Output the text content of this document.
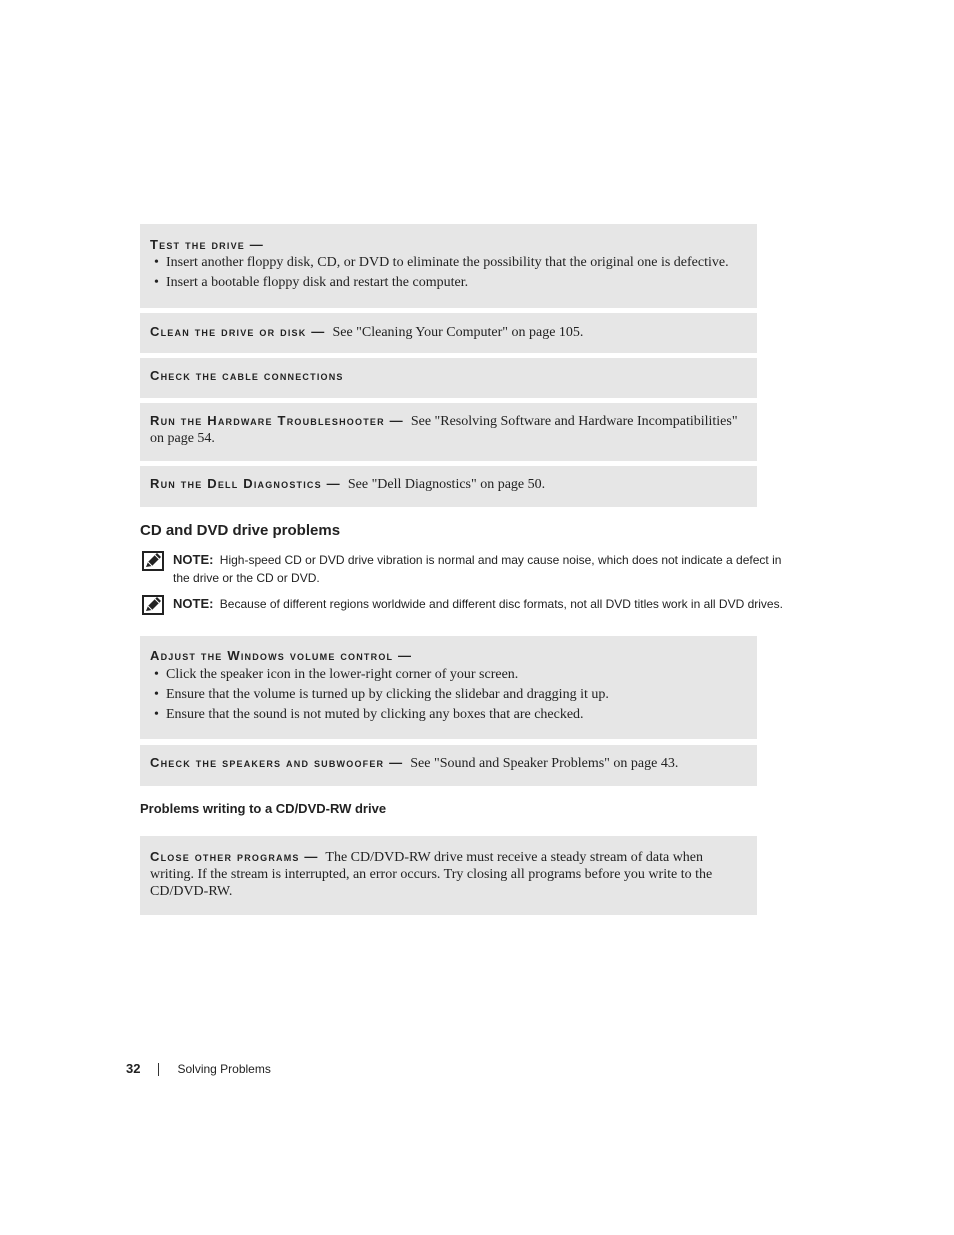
Test the drive —
• Insert another floppy disk, CD, or DVD to eliminate the possibility that the original one is defective.
• Insert a bootable floppy disk and restart the computer.
Clean the drive or disk — See "Cleaning Your Computer" on page 105.
Check the cable connections
Run the Hardware Troubleshooter — See "Resolving Software and Hardware Incompatibilities"
on page 54.
Run the Dell Diagnostics — See "Dell Diagnostics" on page 50.
CD and DVD drive problems
NOTE: High-speed CD or DVD drive vibration is normal and may cause noise, which does not indicate a defect in
the drive or the CD or DVD.
NOTE: Because of different regions worldwide and different disc formats, not all DVD titles work in all DVD drives.
Adjust the Windows volume control —
• Click the speaker icon in the lower-right corner of your screen.
• Ensure that the volume is turned up by clicking the slidebar and dragging it up.
• Ensure that the sound is not muted by clicking any boxes that are checked.
Check the speakers and subwoofer — See "Sound and Speaker Problems" on page 43.
Problems writing to a CD/DVD-RW drive
Close other programs — The CD/DVD-RW drive must receive a steady stream of data when
writing. If the stream is interrupted, an error occurs. Try closing all programs before you write to the
CD/DVD-RW.
32	Solving Problems
